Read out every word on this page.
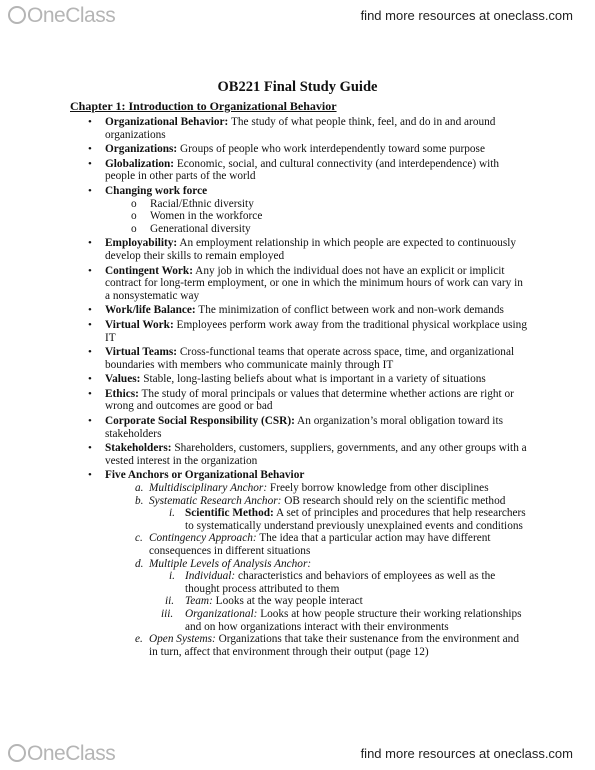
OneClass	find more resources at oneclass.com
OB221 Final Study Guide
Chapter 1: Introduction to Organizational Behavior
• Organizational Behavior: The study of what people think, feel, and do in and around organizations
• Organizations: Groups of people who work interdependently toward some purpose
• Globalization: Economic, social, and cultural connectivity (and interdependence) with people in other parts of the world
• Changing work force
o Racial/Ethnic diversity
o Women in the workforce
o Generational diversity
• Employability: An employment relationship in which people are expected to continuously develop their skills to remain employed
• Contingent Work: Any job in which the individual does not have an explicit or implicit contract for long-term employment, or one in which the minimum hours of work can vary in a nonsystematic way
• Work/life Balance: The minimization of conflict between work and non-work demands
• Virtual Work: Employees perform work away from the traditional physical workplace using IT
• Virtual Teams: Cross-functional teams that operate across space, time, and organizational boundaries with members who communicate mainly through IT
• Values: Stable, long-lasting beliefs about what is important in a variety of situations
• Ethics: The study of moral principals or values that determine whether actions are right or wrong and outcomes are good or bad
• Corporate Social Responsibility (CSR): An organization’s moral obligation toward its stakeholders
• Stakeholders: Shareholders, customers, suppliers, governments, and any other groups with a vested interest in the organization
• Five Anchors or Organizational Behavior
a. Multidisciplinary Anchor: Freely borrow knowledge from other disciplines
b. Systematic Research Anchor: OB research should rely on the scientific method
i. Scientific Method: A set of principles and procedures that help researchers to systematically understand previously unexplained events and conditions
c. Contingency Approach: The idea that a particular action may have different consequences in different situations
d. Multiple Levels of Analysis Anchor:
i. Individual: characteristics and behaviors of employees as well as the thought process attributed to them
ii. Team: Looks at the way people interact
iii. Organizational: Looks at how people structure their working relationships and on how organizations interact with their environments
e. Open Systems: Organizations that take their sustenance from the environment and in turn, affect that environment through their output (page 12)
OneClass	find more resources at oneclass.com
